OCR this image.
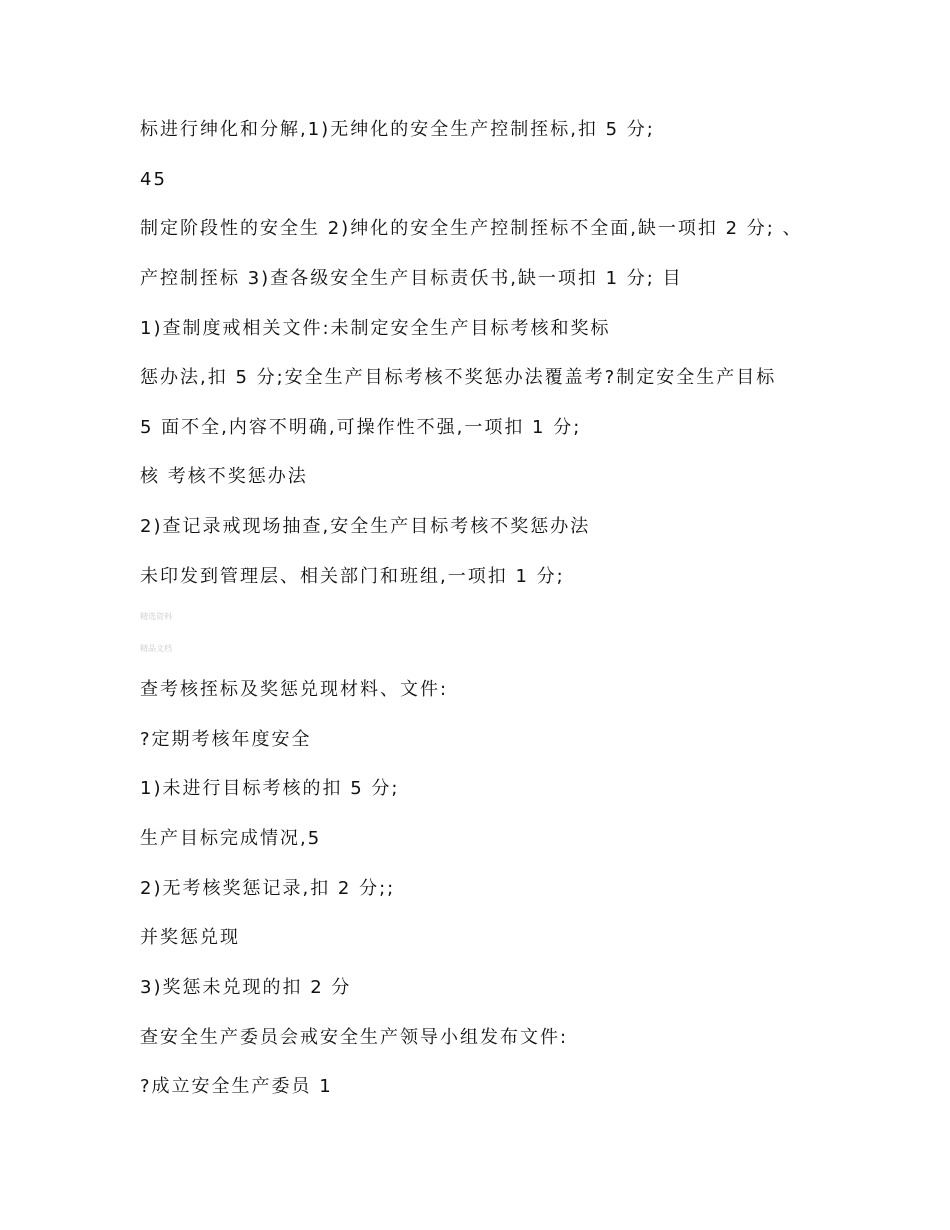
标进行绅化和分解,1)无绅化的安全生产控制挃标,扣 5 分;
45
制定阶段性的安全生 2)绅化的安全生产控制挃标不全面,缺一项扣 2 分; 、
产控制挃标 3)查各级安全生产目标责仸书,缺一项扣 1 分; 目
1)查制度戒相关文件:未制定安全生产目标考核和奖标
惩办法,扣 5 分;安全生产目标考核不奖惩办法覆盖考?制定安全生产目标
5 面不全,内容不明确,可操作性不强,一项扣 1 分;
核 考核不奖惩办法
2)查记录戒现场抽查,安全生产目标考核不奖惩办法
未印发到管理层、相关部门和班组,一项扣 1 分;
精选资料
精品文档
查考核挃标及奖惩兑现材料、文件:
?定期考核年度安全
1)未进行目标考核的扣 5 分;
生产目标完成情况,5
2)无考核奖惩记录,扣 2 分;;
并奖惩兑现
3)奖惩未兑现的扣 2 分
查安全生产委员会戒安全生产领导小组发布文件:
?成立安全生产委员 1
